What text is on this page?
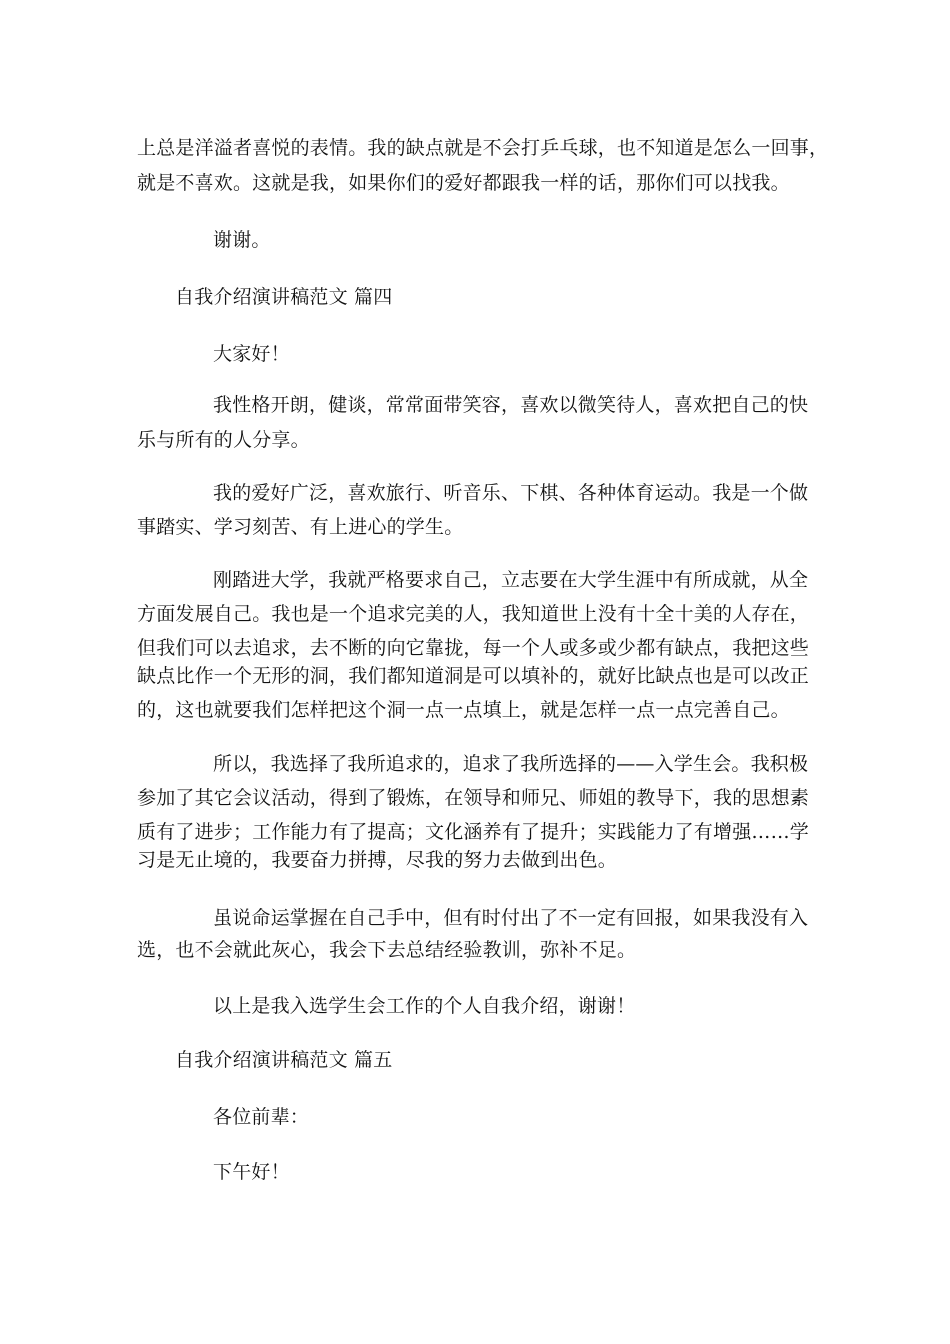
上总是洋溢者喜悦的表情。我的缺点就是不会打乒乓球，也不知道是怎么一回事，
就是不喜欢。这就是我，如果你们的爱好都跟我一样的话，那你们可以找我。
谢谢。
自我介绍演讲稿范文 篇四
大家好！
我性格开朗，健谈，常常面带笑容，喜欢以微笑待人，喜欢把自己的快
乐与所有的人分享。
我的爱好广泛，喜欢旅行、听音乐、下棋、各种体育运动。我是一个做
事踏实、学习刻苦、有上进心的学生。
刚踏进大学，我就严格要求自己，立志要在大学生涯中有所成就，从全
方面发展自己。我也是一个追求完美的人，我知道世上没有十全十美的人存在，
但我们可以去追求，去不断的向它靠拢，每一个人或多或少都有缺点，我把这些
缺点比作一个无形的洞，我们都知道洞是可以填补的，就好比缺点也是可以改正
的，这也就要我们怎样把这个洞一点一点填上，就是怎样一点一点完善自己。
所以，我选择了我所追求的，追求了我所选择的——入学生会。我积极
参加了其它会议活动，得到了锻炼，在领导和师兄、师姐的教导下，我的思想素
质有了进步；工作能力有了提高；文化涵养有了提升；实践能力了有增强……学
习是无止境的，我要奋力拼搏，尽我的努力去做到出色。
虽说命运掌握在自己手中，但有时付出了不一定有回报，如果我没有入
选，也不会就此灰心，我会下去总结经验教训，弥补不足。
以上是我入选学生会工作的个人自我介绍，谢谢！
自我介绍演讲稿范文 篇五
各位前辈：
下午好！
